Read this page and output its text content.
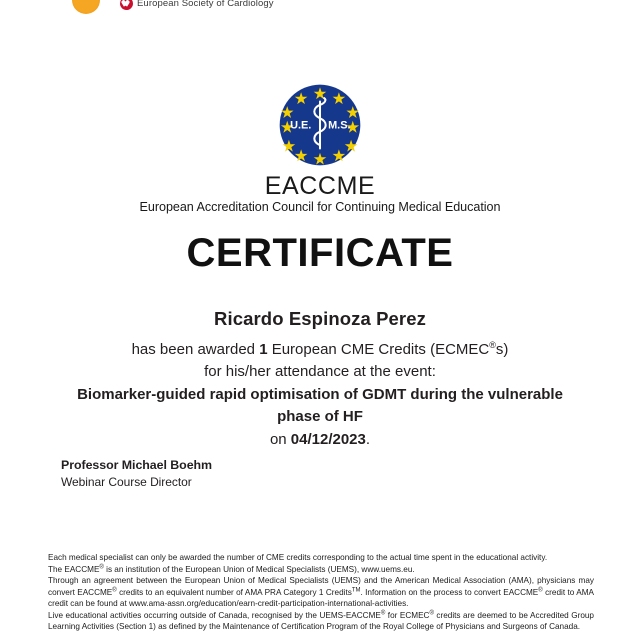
European Society of Cardiology
U.E. M.S.
EACCME
European Accreditation Council for Continuing Medical Education
CERTIFICATE
Ricardo Espinoza Perez
has been awarded 1 European CME Credits (ECMEC®s)
for his/her attendance at the event:
Biomarker-guided rapid optimisation of GDMT during the vulnerable phase of HF
on 04/12/2023.
Professor Michael Boehm
Webinar Course Director

Each medical specialist can only be awarded the number of CME credits corresponding to the actual time spent in the educational activity.
The EACCME® is an institution of the European Union of Medical Specialists (UEMS), www.uems.eu.

Through an agreement between the European Union of Medical Specialists (UEMS) and the American Medical Association (AMA), physicians may convert EACCME® credits to an equivalent number of AMA PRA Category 1 Credits™. Information on the process to convert EACCME® credit to AMA credit can be found at www.ama-assn.org/education/earn-credit-participation-international-activities.

Live educational activities occurring outside of Canada, recognised by the UEMS-EACCME® for ECMEC® credits are deemed to be Accredited Group Learning Activities (Section 1) as defined by the Maintenance of Certification Program of the Royal College of Physicians and Surgeons of Canada.
